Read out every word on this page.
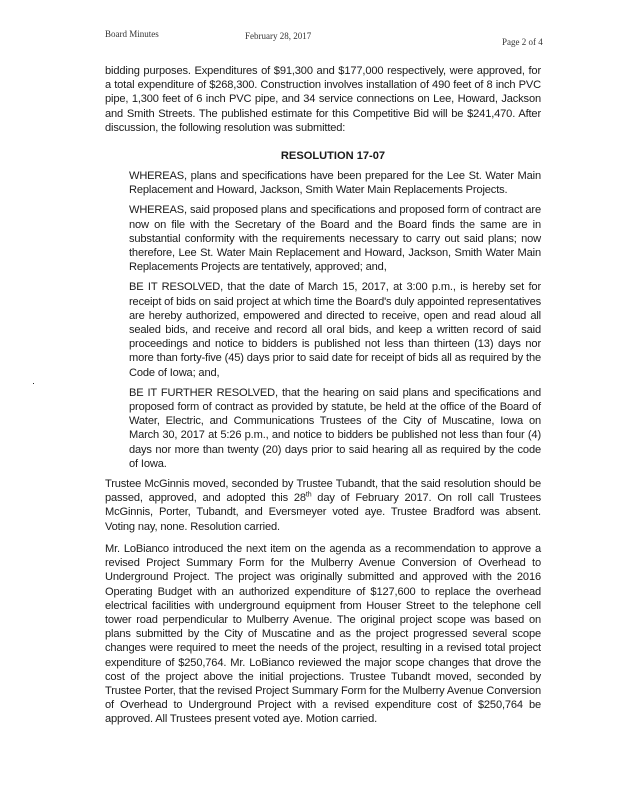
Board Minutes	February 28, 2017
Page 2 of 4

bidding purposes. Expenditures of $91,300 and $177,000 respectively, were approved, for a total expenditure of $268,300. Construction involves installation of 490 feet of 8 inch PVC pipe, 1,300 feet of 6 inch PVC pipe, and 34 service connections on Lee, Howard, Jackson and Smith Streets. The published estimate for this Competitive Bid will be $241,470. After discussion, the following resolution was submitted:

RESOLUTION 17-07

WHEREAS, plans and specifications have been prepared for the Lee St. Water Main Replacement and Howard, Jackson, Smith Water Main Replacements Projects.

WHEREAS, said proposed plans and specifications and proposed form of contract are now on file with the Secretary of the Board and the Board finds the same are in substantial conformity with the requirements necessary to carry out said plans; now therefore, Lee St. Water Main Replacement and Howard, Jackson, Smith Water Main Replacements Projects are tentatively, approved; and,

BE IT RESOLVED, that the date of March 15, 2017, at 3:00 p.m., is hereby set for receipt of bids on said project at which time the Board's duly appointed representatives are hereby authorized, empowered and directed to receive, open and read aloud all sealed bids, and receive and record all oral bids, and keep a written record of said proceedings and notice to bidders is published not less than thirteen (13) days nor more than forty-five (45) days prior to said date for receipt of bids all as required by the Code of Iowa; and,

BE IT FURTHER RESOLVED, that the hearing on said plans and specifications and proposed form of contract as provided by statute, be held at the office of the Board of Water, Electric, and Communications Trustees of the City of Muscatine, Iowa on March 30, 2017 at 5:26 p.m., and notice to bidders be published not less than four (4) days nor more than twenty (20) days prior to said hearing all as required by the code of Iowa.

Trustee McGinnis moved, seconded by Trustee Tubandt, that the said resolution should be passed, approved, and adopted this 28th day of February 2017. On roll call Trustees McGinnis, Porter, Tubandt, and Eversmeyer voted aye. Trustee Bradford was absent. Voting nay, none. Resolution carried.

Mr. LoBianco introduced the next item on the agenda as a recommendation to approve a revised Project Summary Form for the Mulberry Avenue Conversion of Overhead to Underground Project. The project was originally submitted and approved with the 2016 Operating Budget with an authorized expenditure of $127,600 to replace the overhead electrical facilities with underground equipment from Houser Street to the telephone cell tower road perpendicular to Mulberry Avenue. The original project scope was based on plans submitted by the City of Muscatine and as the project progressed several scope changes were required to meet the needs of the project, resulting in a revised total project expenditure of $250,764. Mr. LoBianco reviewed the major scope changes that drove the cost of the project above the initial projections. Trustee Tubandt moved, seconded by Trustee Porter, that the revised Project Summary Form for the Mulberry Avenue Conversion of Overhead to Underground Project with a revised expenditure cost of $250,764 be approved. All Trustees present voted aye. Motion carried.
